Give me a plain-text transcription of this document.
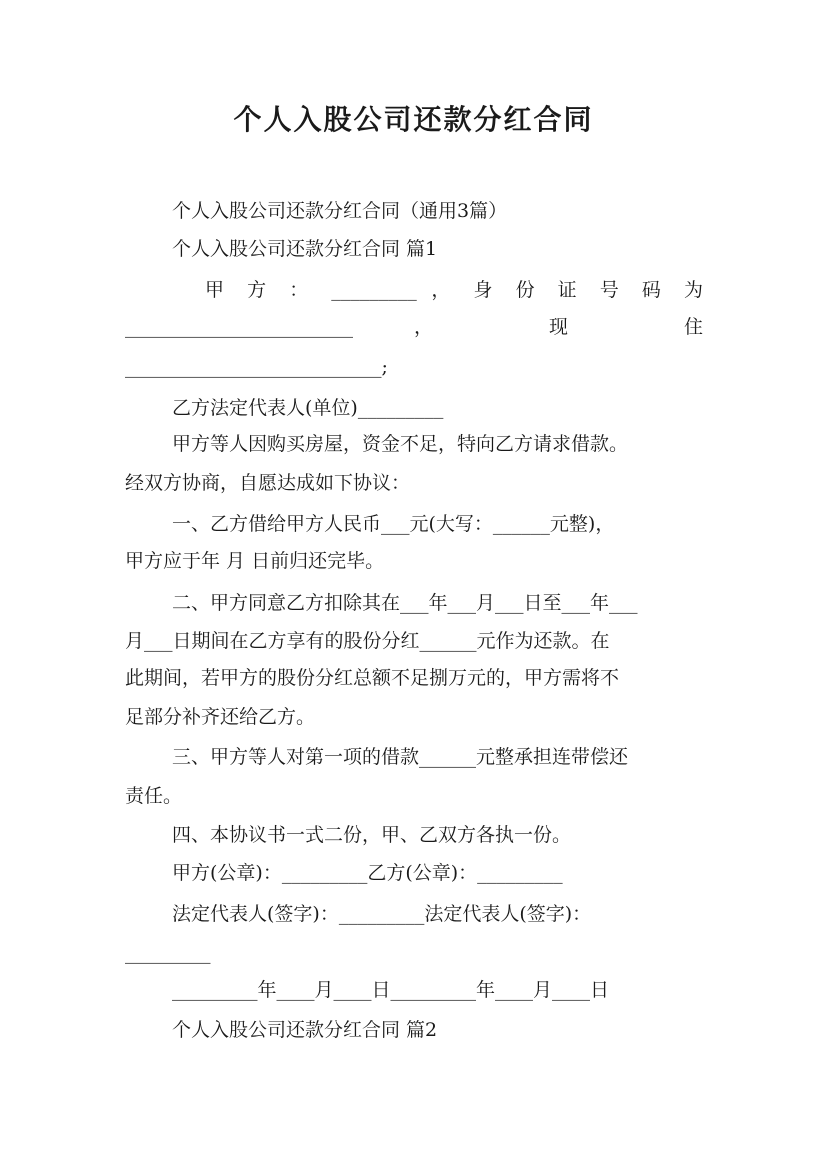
个人入股公司还款分红合同

个人入股公司还款分红合同（通用3篇）

个人入股公司还款分红合同 篇1

甲 方 ： _________ ， 身 份 证 号 码 为

________________________ ， 现 住

___________________________;

乙方法定代表人(单位)_________

甲方等人因购买房屋，资金不足，特向乙方请求借款。

经双方协商，自愿达成如下协议：

一、乙方借给甲方人民币___元(大写：______元整)，

甲方应于年 月 日前归还完毕。

二、甲方同意乙方扣除其在___年___月___日至___年___

月___日期间在乙方享有的股份分红______元作为还款。在

此期间，若甲方的股份分红总额不足捌万元的，甲方需将不

足部分补齐还给乙方。

三、甲方等人对第一项的借款______元整承担连带偿还

责任。

四、本协议书一式二份，甲、乙双方各执一份。

甲方(公章)：_________乙方(公章)：_________

法定代表人(签字)：_________法定代表人(签字)：

_________

_________年____月____日_________年____月____日

个人入股公司还款分红合同 篇2
